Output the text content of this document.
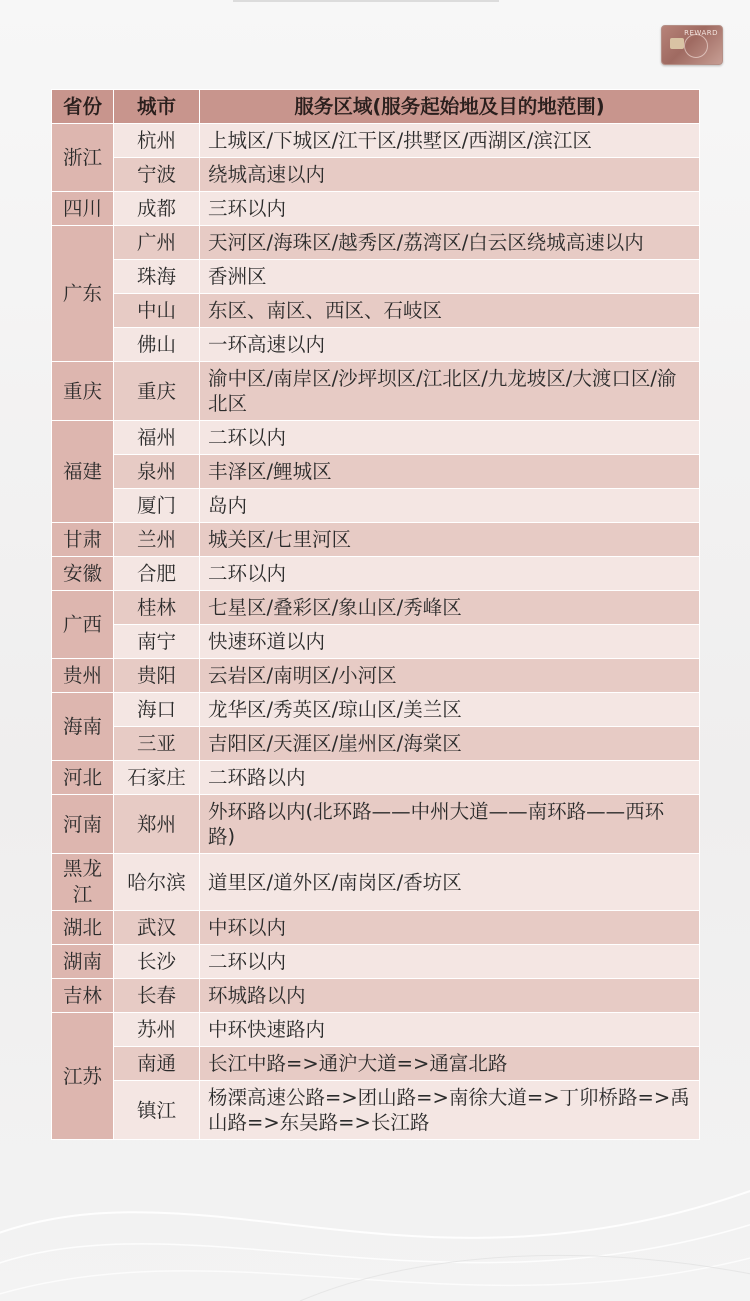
REWARD
省份	城市	服务区域(服务起始地及目的地范围)
浙江	杭州	上城区/下城区/江干区/拱墅区/西湖区/滨江区
	宁波	绕城高速以内
四川	成都	三环以内
广东	广州	天河区/海珠区/越秀区/荔湾区/白云区绕城高速以内
	珠海	香洲区
	中山	东区、南区、西区、石岐区
	佛山	一环高速以内
重庆	重庆	渝中区/南岸区/沙坪坝区/江北区/九龙坡区/大渡口区/渝北区
福建	福州	二环以内
	泉州	丰泽区/鲤城区
	厦门	岛内
甘肃	兰州	城关区/七里河区
安徽	合肥	二环以内
广西	桂林	七星区/叠彩区/象山区/秀峰区
	南宁	快速环道以内
贵州	贵阳	云岩区/南明区/小河区
海南	海口	龙华区/秀英区/琼山区/美兰区
	三亚	吉阳区/天涯区/崖州区/海棠区
河北	石家庄	二环路以内
河南	郑州	外环路以内(北环路——中州大道——南环路——西环路)
黑龙江	哈尔滨	道里区/道外区/南岗区/香坊区
湖北	武汉	中环以内
湖南	长沙	二环以内
吉林	长春	环城路以内
江苏	苏州	中环快速路内
	南通	长江中路=>通沪大道=>通富北路
	镇江	杨溧高速公路=>团山路=>南徐大道=>丁卯桥路=>禹山路=>东吴路=>长江路
